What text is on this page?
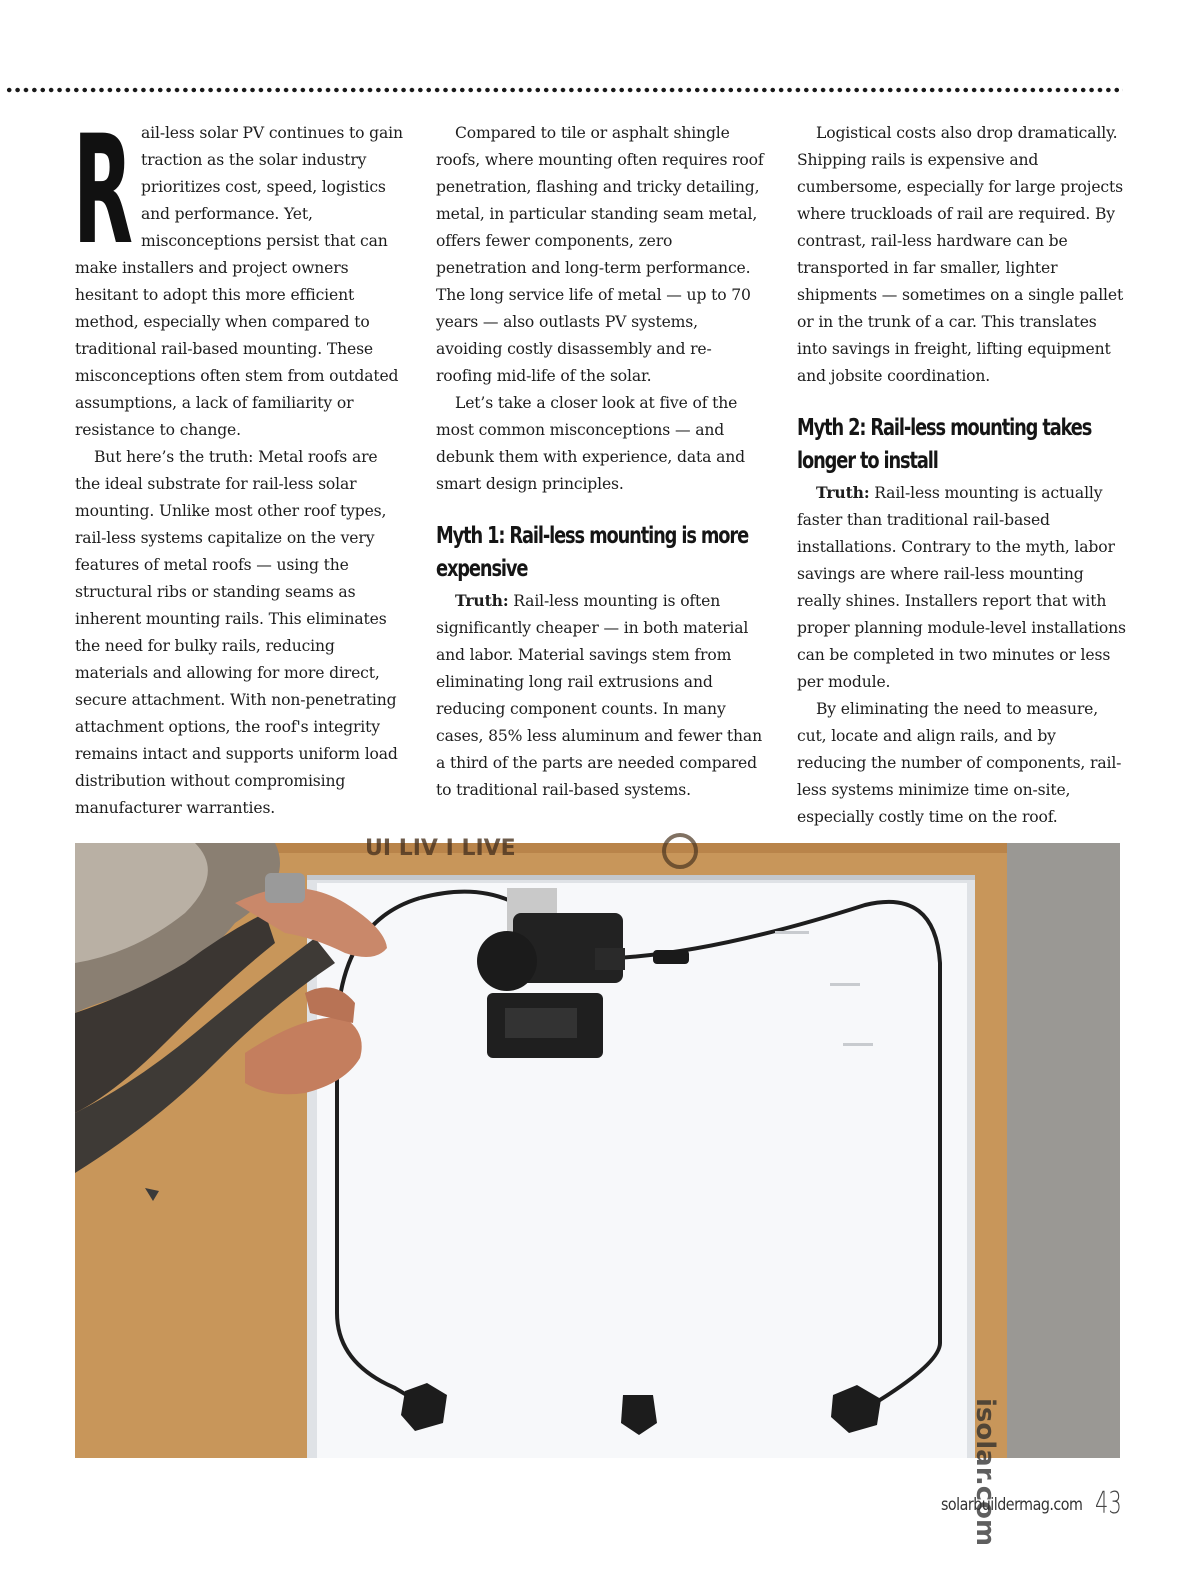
Rail-less solar PV continues to gain traction as the solar industry prioritizes cost, speed, logistics and performance. Yet, misconceptions persist that can make installers and project owners hesitant to adopt this more efficient method, especially when compared to traditional rail-based mounting. These misconceptions often stem from outdated assumptions, a lack of familiarity or resistance to change.

But here’s the truth: Metal roofs are the ideal substrate for rail-less solar mounting. Unlike most other roof types, rail-less systems capitalize on the very features of metal roofs — using the structural ribs or standing seams as inherent mounting rails. This eliminates the need for bulky rails, reducing materials and allowing for more direct, secure attachment. With non-penetrating attachment options, the roof's integrity remains intact and supports uniform load distribution without compromising manufacturer warranties.

Compared to tile or asphalt shingle roofs, where mounting often requires roof penetration, flashing and tricky detailing, metal, in particular standing seam metal, offers fewer components, zero penetration and long-term performance. The long service life of metal — up to 70 years — also outlasts PV systems, avoiding costly disassembly and re-roofing mid-life of the solar.

Let’s take a closer look at five of the most common misconceptions — and debunk them with experience, data and smart design principles.

Myth 1: Rail-less mounting is more expensive

Truth: Rail-less mounting is often significantly cheaper — in both material and labor. Material savings stem from eliminating long rail extrusions and reducing component counts. In many cases, 85% less aluminum and fewer than a third of the parts are needed compared to traditional rail-based systems.

Logistical costs also drop dramatically. Shipping rails is expensive and cumbersome, especially for large projects where truckloads of rail are required. By contrast, rail-less hardware can be transported in far smaller, lighter shipments — sometimes on a single pallet or in the trunk of a car. This translates into savings in freight, lifting equipment and jobsite coordination.

Myth 2: Rail-less mounting takes longer to install

Truth: Rail-less mounting is actually faster than traditional rail-based installations. Contrary to the myth, labor savings are where rail-less mounting really shines. Installers report that with proper planning module-level installations can be completed in two minutes or less per module.

By eliminating the need to measure, cut, locate and align rails, and by reducing the number of components, rail-less systems minimize time on-site, especially costly time on the roof.

UI LIV I LIVE
isolar.com
solarbuildermag.com 43
